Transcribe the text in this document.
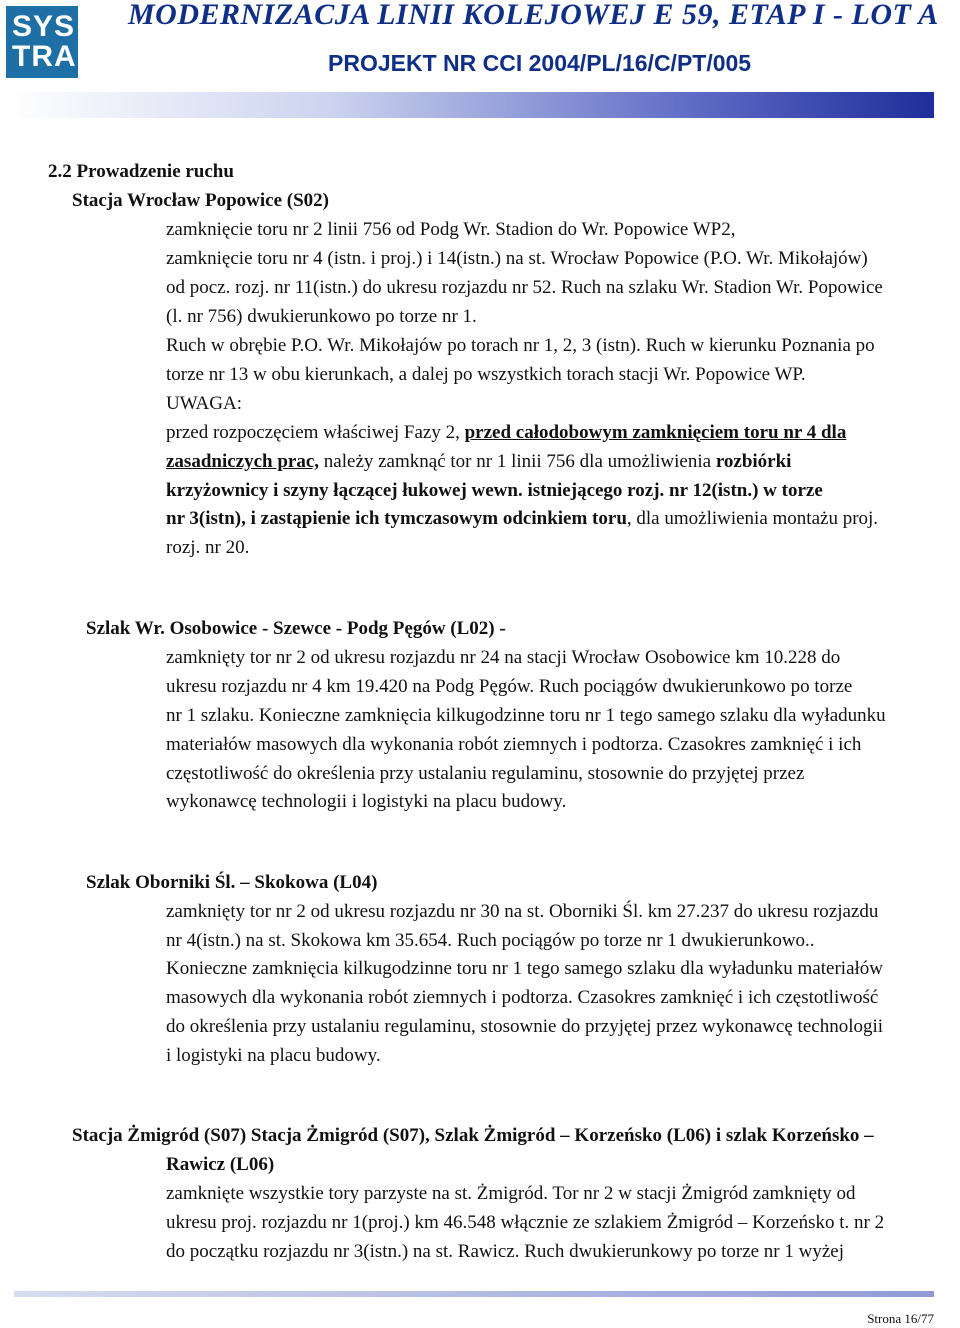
SYS
TRA
MODERNIZACJA LINII KOLEJOWEJ E 59, ETAP I - LOT A
PROJEKT NR CCI 2004/PL/16/C/PT/005
2.2 Prowadzenie ruchu
Stacja Wrocław Popowice (S02)
zamknięcie toru nr 2 linii 756 od Podg Wr. Stadion do Wr. Popowice WP2,
zamknięcie toru nr 4 (istn. i proj.) i 14(istn.) na st. Wrocław Popowice (P.O. Wr. Mikołajów)
od pocz. rozj. nr 11(istn.) do ukresu rozjazdu nr 52. Ruch na szlaku Wr. Stadion Wr. Popowice
(l. nr 756) dwukierunkowo po torze nr 1.
Ruch w obrębie P.O. Wr. Mikołajów po torach nr 1, 2, 3 (istn). Ruch w kierunku Poznania po
torze nr 13 w obu kierunkach, a dalej po wszystkich torach stacji Wr. Popowice WP.
UWAGA:
przed rozpoczęciem właściwej Fazy 2, przed całodobowym zamknięciem toru nr 4 dla
zasadniczych prac, należy zamknąć tor nr 1 linii 756 dla umożliwienia rozbiórki
krzyżownicy i szyny łączącej łukowej wewn. istniejącego rozj. nr 12(istn.) w torze
nr 3(istn), i zastąpienie ich tymczasowym odcinkiem toru, dla umożliwienia montażu proj.
rozj. nr 20.
Szlak Wr. Osobowice - Szewce - Podg Pęgów (L02) -
zamknięty tor nr 2 od ukresu rozjazdu nr 24 na stacji Wrocław Osobowice km 10.228 do
ukresu rozjazdu nr 4 km 19.420 na Podg Pęgów. Ruch pociągów dwukierunkowo po torze
nr 1 szlaku. Konieczne zamknięcia kilkugodzinne toru nr 1 tego samego szlaku dla wyładunku
materiałów masowych dla wykonania robót ziemnych i podtorza. Czasokres zamknięć i ich
częstotliwość do określenia przy ustalaniu regulaminu, stosownie do przyjętej przez
wykonawcę technologii i logistyki na placu budowy.
Szlak Oborniki Śl. – Skokowa (L04)
zamknięty tor nr 2 od ukresu rozjazdu nr 30 na st. Oborniki Śl. km 27.237 do ukresu rozjazdu
nr 4(istn.) na st. Skokowa km 35.654. Ruch pociągów po torze nr 1 dwukierunkowo..
Konieczne zamknięcia kilkugodzinne toru nr 1 tego samego szlaku dla wyładunku materiałów
masowych dla wykonania robót ziemnych i podtorza. Czasokres zamknięć i ich częstotliwość
do określenia przy ustalaniu regulaminu, stosownie do przyjętej przez wykonawcę technologii
i logistyki na placu budowy.
Stacja Żmigród (S07) Stacja Żmigród (S07), Szlak Żmigród – Korzeńsko (L06) i szlak Korzeńsko –
Rawicz (L06)
zamknięte wszystkie tory parzyste na st. Żmigród. Tor nr 2 w stacji Żmigród zamknięty od
ukresu proj. rozjazdu nr 1(proj.) km 46.548 włącznie ze szlakiem Żmigród – Korzeńsko t. nr 2
do początku rozjazdu nr 3(istn.) na st. Rawicz. Ruch dwukierunkowy po torze nr 1 wyżej
Strona 16/77
